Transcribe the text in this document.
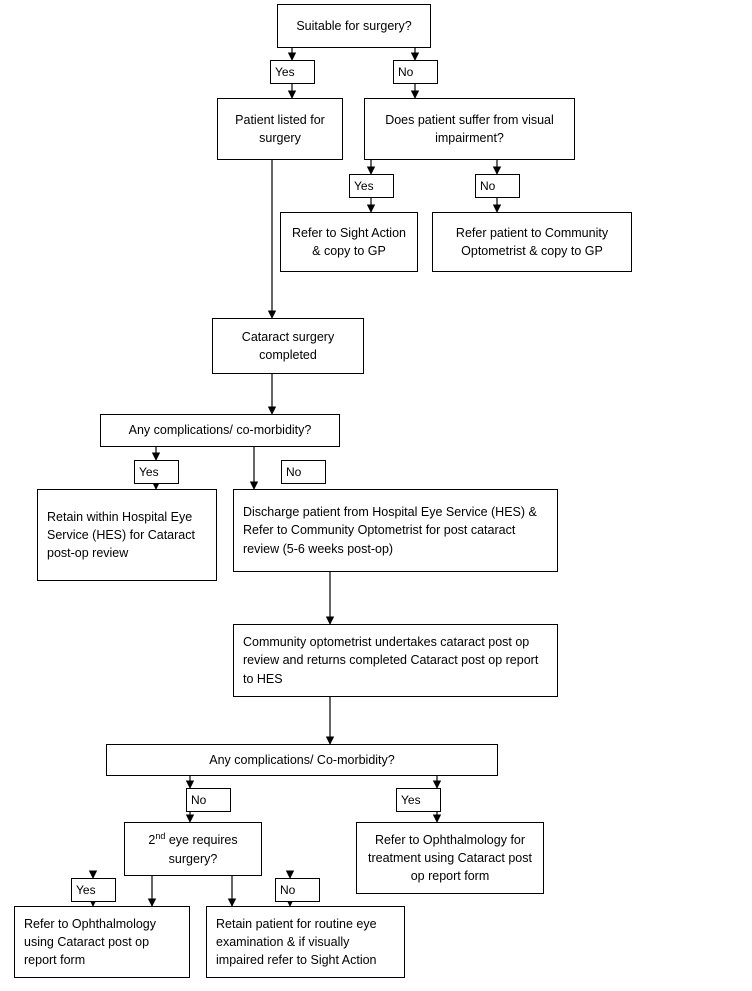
Suitable for surgery?
Yes	No
Patient listed for surgery
Does patient suffer from visual impairment?
Yes	No
Refer to Sight Action & copy to GP
Refer patient to Community Optometrist & copy to GP
Cataract surgery completed
Any complications/ co-morbidity?
Yes	No
Retain within Hospital Eye Service (HES) for Cataract post-op review
Discharge patient from Hospital Eye Service (HES) & Refer to Community Optometrist for post cataract review (5-6 weeks post-op)
Community optometrist undertakes cataract post op review and returns completed Cataract post op report to HES
Any complications/ Co-morbidity?
No	Yes
2nd eye requires surgery?
Refer to Ophthalmology for treatment using Cataract post op report form
Yes	No
Refer to Ophthalmology using Cataract post op report form
Retain patient for routine eye examination & if visually impaired refer to Sight Action
